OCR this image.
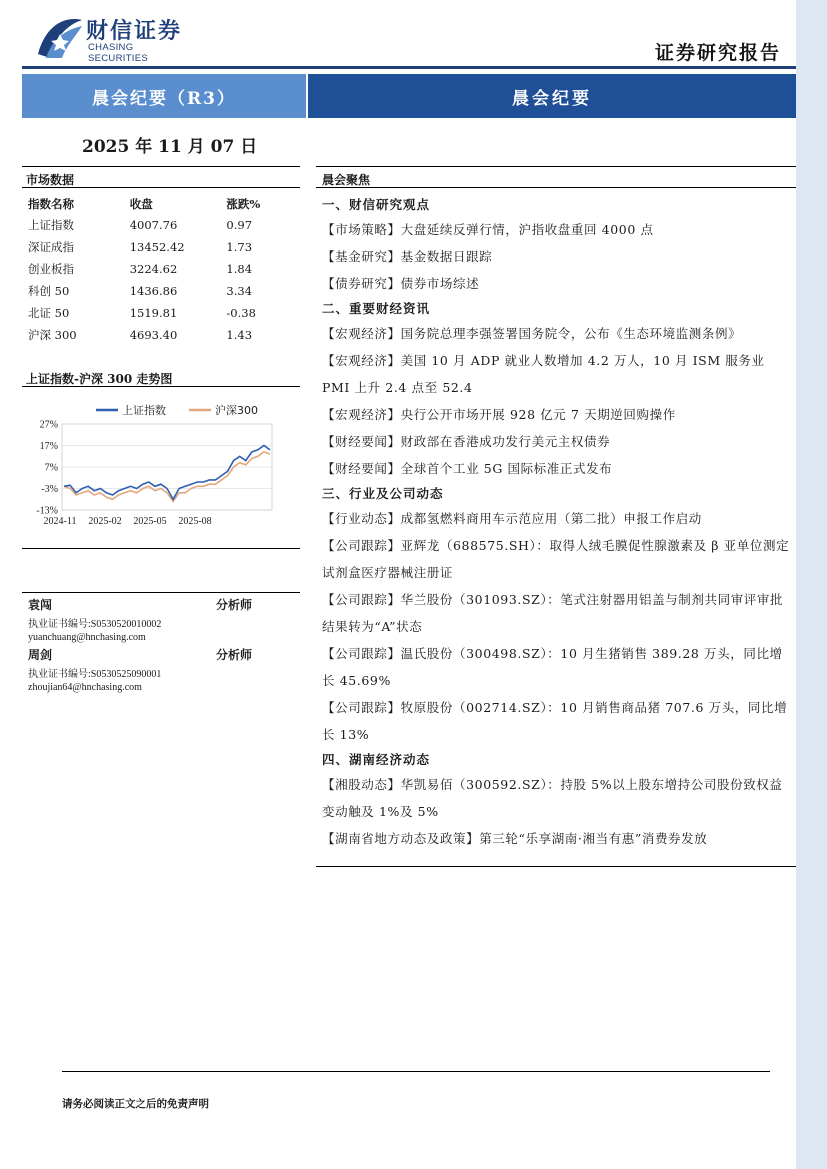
财信证券
CHASING SECURITIES	证券研究报告
晨会纪要（R3）	晨会纪要
2025 年 11 月 07 日
市场数据
指数名称	收盘	涨跌%
上证指数	4007.76	0.97
深证成指	13452.42	1.73
创业板指	3224.62	1.84
科创 50	1436.86	3.34
北证 50	1519.81	-0.38
沪深 300	4693.40	1.43
上证指数-沪深 300 走势图
27%
17%
7%
-3%
-13%
2024-11 2025-02 2025-05 2025-08
上证指数	沪深300
袁闯	分析师
执业证书编号:S0530520010002
yuanchuang@hnchasing.com
周剑	分析师
执业证书编号:S0530525090001
zhoujian64@hnchasing.com
晨会聚焦
一、财信研究观点
【市场策略】大盘延续反弹行情，沪指收盘重回 4000 点
【基金研究】基金数据日跟踪
【债券研究】债券市场综述
二、重要财经资讯
【宏观经济】国务院总理李强签署国务院令，公布《生态环境监测条例》
【宏观经济】美国 10 月 ADP 就业人数增加 4.2 万人，10 月 ISM 服务业 PMI 上升 2.4 点至 52.4
【宏观经济】央行公开市场开展 928 亿元 7 天期逆回购操作
【财经要闻】财政部在香港成功发行美元主权债券
【财经要闻】全球首个工业 5G 国际标准正式发布
三、行业及公司动态
【行业动态】成都氢燃料商用车示范应用（第二批）申报工作启动
【公司跟踪】亚辉龙（688575.SH）：取得人绒毛膜促性腺激素及 β 亚单位测定试剂盒医疗器械注册证
【公司跟踪】华兰股份（301093.SZ）：笔式注射器用铝盖与制剂共同审评审批结果转为“A”状态
【公司跟踪】温氏股份（300498.SZ）：10 月生猪销售 389.28 万头，同比增长 45.69%
【公司跟踪】牧原股份（002714.SZ）：10 月销售商品猪 707.6 万头，同比增长 13%
四、湖南经济动态
【湘股动态】华凯易佰（300592.SZ）：持股 5%以上股东增持公司股份致权益变动触及 1%及 5%
【湖南省地方动态及政策】第三轮“乐享湖南·湘当有惠”消费券发放
请务必阅读正文之后的免责声明
